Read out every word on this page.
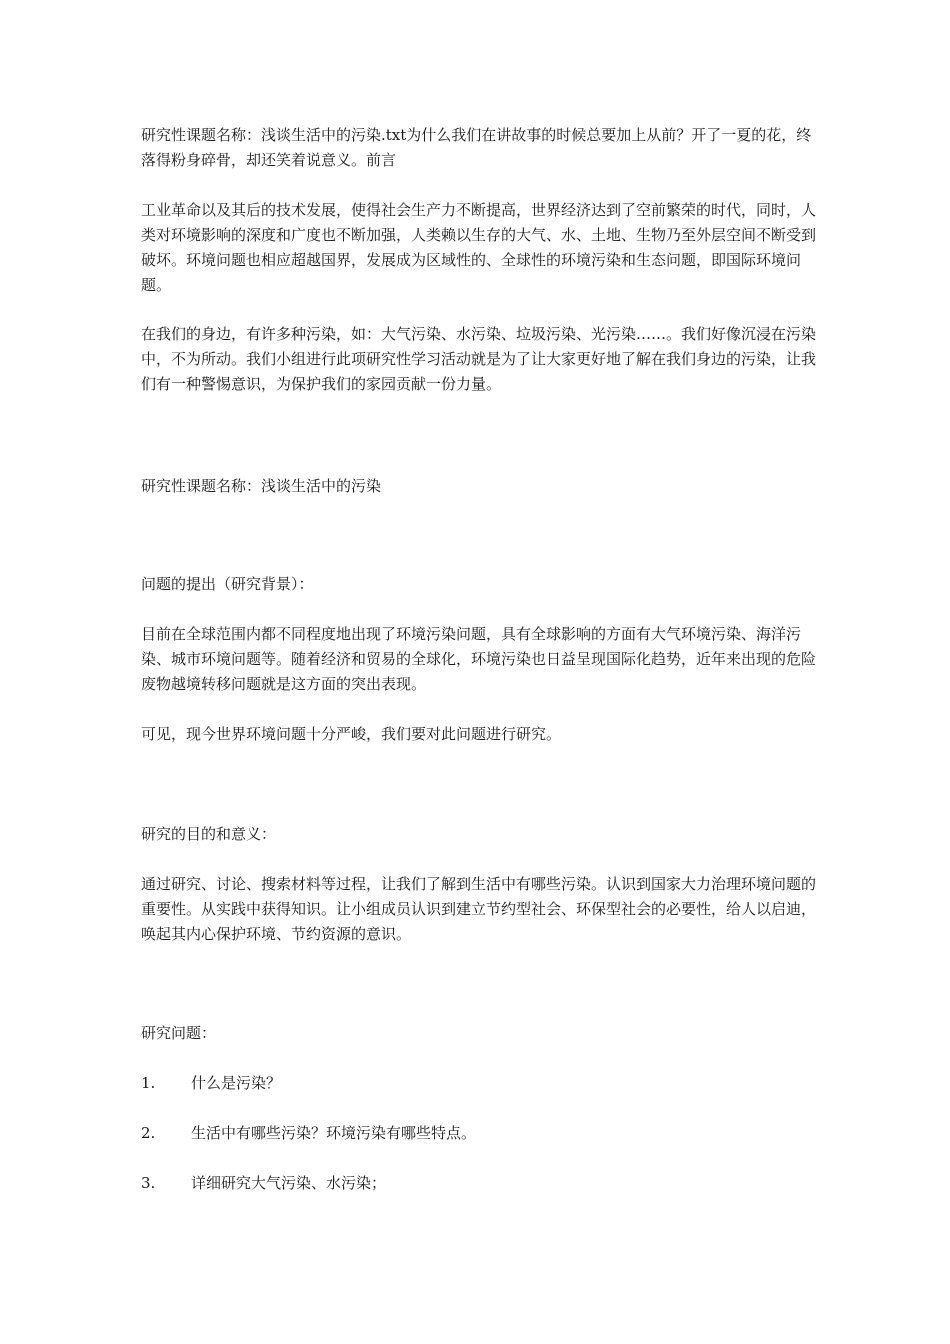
研究性课题名称：浅谈生活中的污染.txt为什么我们在讲故事的时候总要加上从前？开了一夏的花，终落得粉身碎骨，却还笑着说意义。前言

工业革命以及其后的技术发展，使得社会生产力不断提高，世界经济达到了空前繁荣的时代，同时，人类对环境影响的深度和广度也不断加强，人类赖以生存的大气、水、土地、生物乃至外层空间不断受到破坏。环境问题也相应超越国界，发展成为区域性的、全球性的环境污染和生态问题，即国际环境问题。

在我们的身边，有许多种污染，如：大气污染、水污染、垃圾污染、光污染……。我们好像沉浸在污染中，不为所动。我们小组进行此项研究性学习活动就是为了让大家更好地了解在我们身边的污染，让我们有一种警惕意识，为保护我们的家园贡献一份力量。

研究性课题名称：浅谈生活中的污染

问题的提出（研究背景）：

目前在全球范围内都不同程度地出现了环境污染问题，具有全球影响的方面有大气环境污染、海洋污染、城市环境问题等。随着经济和贸易的全球化，环境污染也日益呈现国际化趋势，近年来出现的危险废物越境转移问题就是这方面的突出表现。

可见，现今世界环境问题十分严峻，我们要对此问题进行研究。

研究的目的和意义：

通过研究、讨论、搜索材料等过程，让我们了解到生活中有哪些污染。认识到国家大力治理环境问题的重要性。从实践中获得知识。让小组成员认识到建立节约型社会、环保型社会的必要性，给人以启迪，唤起其内心保护环境、节约资源的意识。

研究问题：

1. 什么是污染？

2. 生活中有哪些污染？环境污染有哪些特点。

3. 详细研究大气污染、水污染；
